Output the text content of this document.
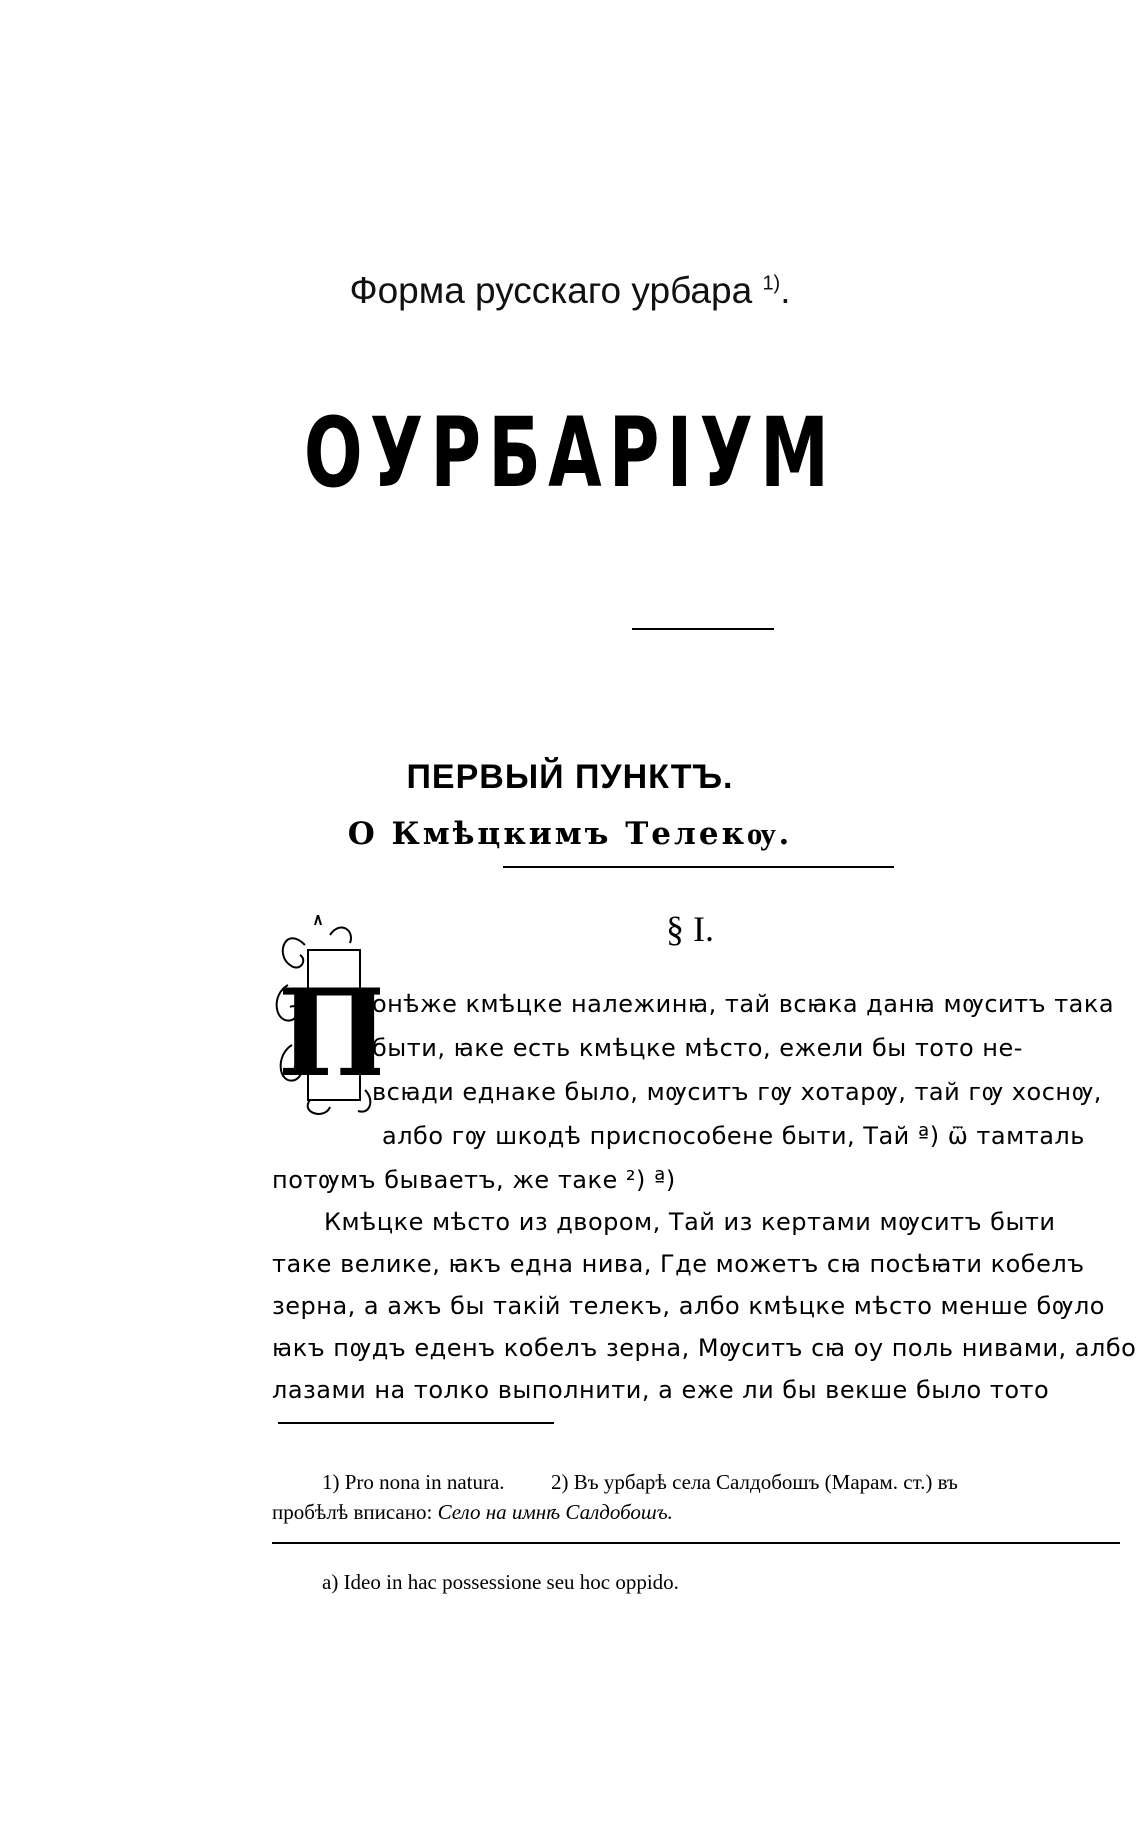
Форма русскаго урбара $^{1)}$.
ОУРБАРІУМ
ПЕРВЫЙ ПУНКТЪ.
О Кмѣцкимъ Телекѹ.
§ I.
П
онѣже кмѣцке належинꙗ, тай всꙗка данꙗ мѹситъ така
быти, ꙗке есть кмѣцке мѣсто, ежели бы тото не-
всꙗди еднаке было, мѹситъ гѹ хотарѹ, тай гѹ хоснѹ,
албо гѹ шкодѣ приспособене быти, Тай ª) ѿ тамталь
потѹмъ бываетъ, же таке ²) ª)
Кмѣцке мѣсто из двором, Тай из кертами мѹситъ быти
таке велике, ꙗкъ една нива, Где можетъ сꙗ посѣꙗти кобелъ
зерна, а ажъ бы такій телекъ, албо кмѣцке мѣсто менше бѹло
ꙗкъ пѹдъ еденъ кобелъ зерна, Мѹситъ сꙗ оу поль нивами, албо
лазами на толко выполнити, а еже ли бы векше было тото
1) Pro nona in natura. 2) Въ урбарѣ села Салдобошъ (Марам. ст.) въ
пробѣлѣ вписано: Село на имнѣ Салдобошъ.
a) Ideo in hac possessione seu hoc oppido.
